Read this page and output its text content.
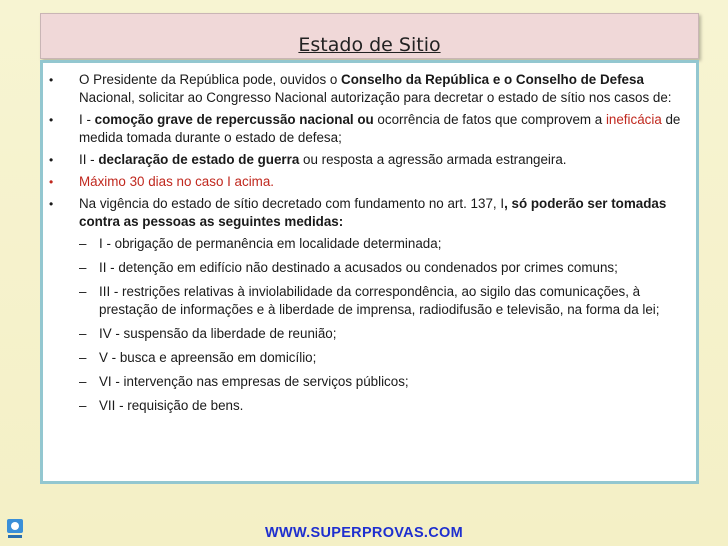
Estado de Sitio
• O Presidente da República pode, ouvidos o Conselho da República e o Conselho de Defesa Nacional, solicitar ao Congresso Nacional autorização para decretar o estado de sítio nos casos de:
• I - comoção grave de repercussão nacional ou ocorrência de fatos que comprovem a ineficácia de medida tomada durante o estado de defesa;
• II - declaração de estado de guerra ou resposta a agressão armada estrangeira.
• Máximo 30 dias no caso I acima.
• Na vigência do estado de sítio decretado com fundamento no art. 137, I, só poderão ser tomadas contra as pessoas as seguintes medidas:
– I - obrigação de permanência em localidade determinada;
– II - detenção em edifício não destinado a acusados ou condenados por crimes comuns;
– III - restrições relativas à inviolabilidade da correspondência, ao sigilo das comunicações, à prestação de informações e à liberdade de imprensa, radiodifusão e televisão, na forma da lei;
– IV - suspensão da liberdade de reunião;
– V - busca e apreensão em domicílio;
– VI - intervenção nas empresas de serviços públicos;
– VII - requisição de bens.
WWW.SUPERPROVAS.COM
